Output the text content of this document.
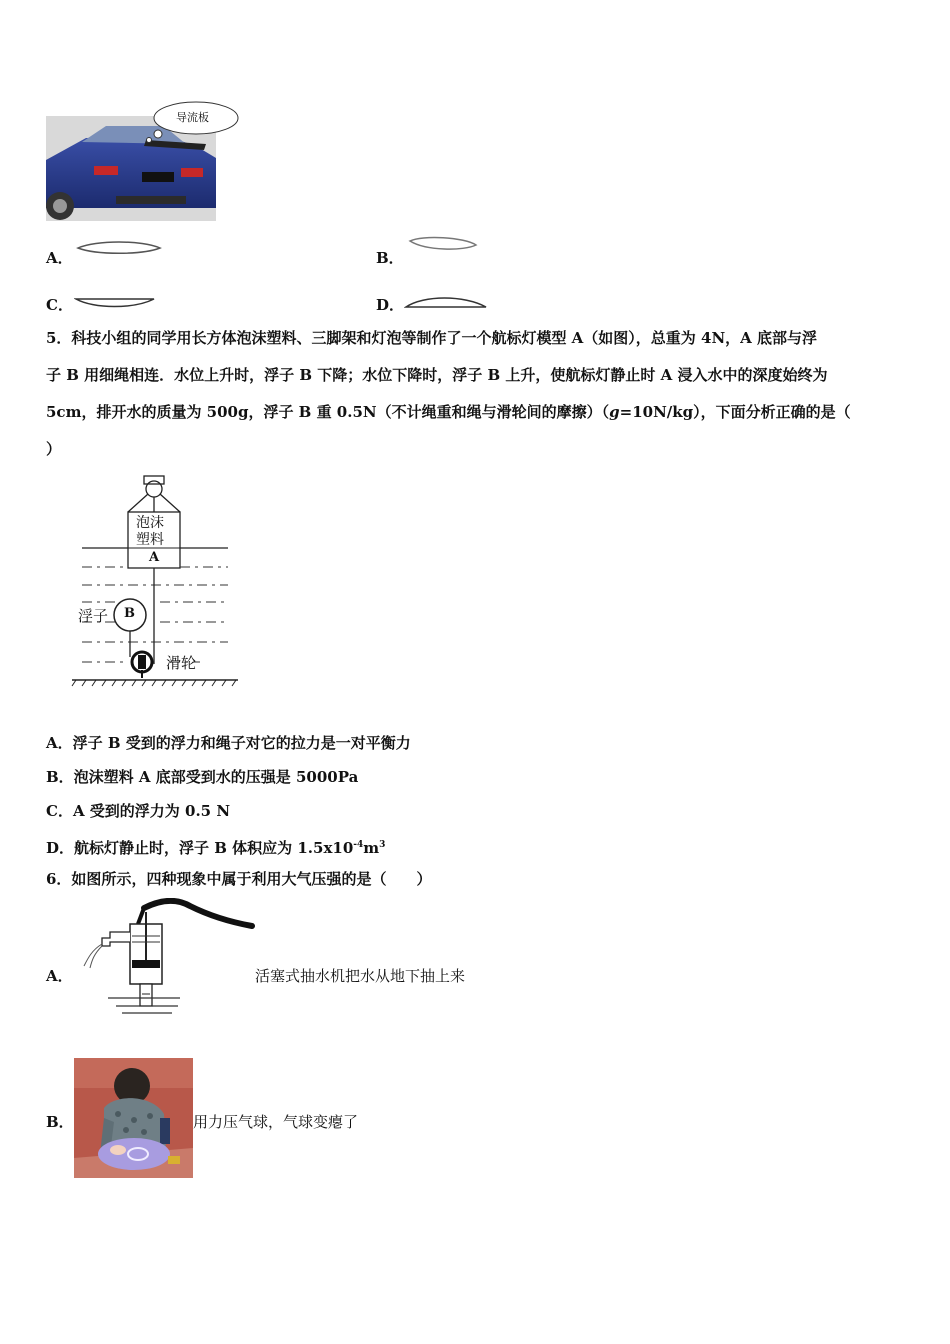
导流板
A．	B．
C．	D．
5．科技小组的同学用长方体泡沫塑料、三脚架和灯泡等制作了一个航标灯模型 A（如图），总重为 4N，A 底部与浮
子 B 用细绳相连．水位上升时，浮子 B 下降；水位下降时，浮子 B 上升，使航标灯静止时 A 浸入水中的深度始终为
5cm，排开水的质量为 500g，浮子 B 重 0.5N（不计绳重和绳与滑轮间的摩擦）（g=10N/kg），下面分析正确的是（
）
泡沫
塑料
A
B
浮子
滑轮
A．浮子 B 受到的浮力和绳子对它的拉力是一对平衡力
B．泡沫塑料 A 底部受到水的压强是 5000Pa
C．A 受到的浮力为 0.5 N
D．航标灯静止时，浮子 B 体积应为 $1.5x10^{-4}m^3$
6．如图所示，四种现象中属于利用大气压强的是（　　）
A．	活塞式抽水机把水从地下抽上来
B．	用力压气球，气球变瘪了
